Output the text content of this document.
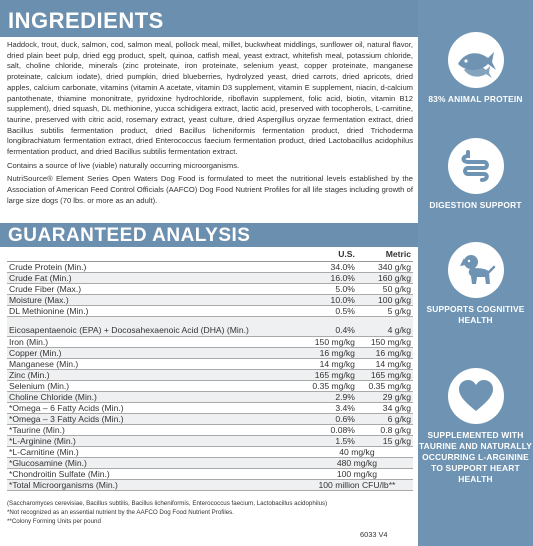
INGREDIENTS

Haddock, trout, duck, salmon, cod, salmon meal, pollock meal, millet, buckwheat middlings, sunflower oil, natural flavor, dried plain beet pulp, dried egg product, spelt, quinoa, catfish meal, yeast extract, whitefish meal, potassium chloride, salt, choline chloride, minerals (zinc proteinate, iron proteinate, selenium yeast, copper proteinate, manganese proteinate, calcium iodate), dried pumpkin, dried blueberries, hydrolyzed yeast, dried carrots, dried apricots, dried apples, calcium carbonate, vitamins (vitamin A acetate, vitamin D3 supplement, vitamin E supplement, niacin, d-calcium pantothenate, thiamine mononitrate, pyridoxine hydrochloride, riboflavin supplement, folic acid, biotin, vitamin B12 supplement), dried squash, DL methionine, yucca schidigera extract, lactic acid, preserved with tocopherols, L-carnitine, taurine, preserved with citric acid, rosemary extract, yeast culture, dried Aspergillus oryzae fermentation extract, dried Bacillus subtilis fermentation product, dried Bacillus licheniformis fermentation product, dried Trichoderma longibrachiatum fermentation extract, dried Enterococcus faecium fermentation product, dried Lactobacillus acidophilus fermentation product, and dried Bacillus subtilis fermentation extract.

Contains a source of live (viable) naturally occurring microorganisms.

NutriSource® Element Series Open Waters Dog Food is formulated to meet the nutritional levels established by the Association of American Feed Control Officials (AAFCO) Dog Food Nutrient Profiles for all life stages including growth of large size dogs (70 lbs. or more as an adult).

GUARANTEED ANALYSIS
	U.S.	Metric
Crude Protein (Min.)	34.0%	340 g/kg
Crude Fat (Min.)	16.0%	160 g/kg
Crude Fiber (Max.)	5.0%	50 g/kg
Moisture (Max.)	10.0%	100 g/kg
DL Methionine (Min.)	0.5%	5 g/kg
Eicosapentaenoic (EPA) + Docosahexaenoic Acid (DHA) (Min.)	0.4%	4 g/kg
Iron (Min.)	150 mg/kg	150 mg/kg
Copper (Min.)	16 mg/kg	16 mg/kg
Manganese (Min.)	14 mg/kg	14 mg/kg
Zinc (Min.)	165 mg/kg	165 mg/kg
Selenium (Min.)	0.35 mg/kg	0.35 mg/kg
Choline Chloride (Min.)	2.9%	29 g/kg
*Omega – 6 Fatty Acids (Min.)	3.4%	34 g/kg
*Omega – 3 Fatty Acids (Min.)	0.6%	6 g/kg
*Taurine (Min.)	0.08%	0.8 g/kg
*L-Arginine (Min.)	1.5%	15 g/kg
*L-Carnitine (Min.)	40 mg/kg	
*Glucosamine (Min.)	480 mg/kg	
*Chondroitin Sulfate (Min.)	100 mg/kg	
*Total Microorganisms (Min.)	100 million CFU/lb**	
(Saccharomyces cerevisiae, Bacillus subtilis, Bacillus licheniformis, Enterococcus faecium, Lactobacillus acidophilus)
*Not recognized as an essential nutrient by the AAFCO Dog Food Nutrient Profiles.
**Colony Forming Units per pound
6033 V4
83% ANIMAL PROTEIN
DIGESTION SUPPORT
SUPPORTS COGNITIVE HEALTH
SUPPLEMENTED WITH TAURINE AND NATURALLY OCCURRING L-ARGININE TO SUPPORT HEART HEALTH
